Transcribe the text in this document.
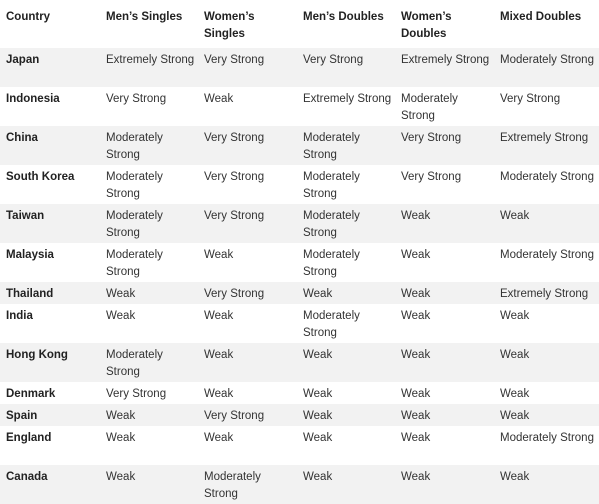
Country	Men’s Singles	Women’s Singles	Men’s Doubles	Women’s Doubles	Mixed Doubles
Japan	Extremely Strong	Very Strong	Very Strong	Extremely Strong	Moderately Strong
Indonesia	Very Strong	Weak	Extremely Strong	Moderately Strong	Very Strong
China	Moderately Strong	Very Strong	Moderately Strong	Very Strong	Extremely Strong
South Korea	Moderately Strong	Very Strong	Moderately Strong	Very Strong	Moderately Strong
Taiwan	Moderately Strong	Very Strong	Moderately Strong	Weak	Weak
Malaysia	Moderately Strong	Weak	Moderately Strong	Weak	Moderately Strong
Thailand	Weak	Very Strong	Weak	Weak	Extremely Strong
India	Weak	Weak	Moderately Strong	Weak	Weak
Hong Kong	Moderately Strong	Weak	Weak	Weak	Weak
Denmark	Very Strong	Weak	Weak	Weak	Weak
Spain	Weak	Very Strong	Weak	Weak	Weak
England	Weak	Weak	Weak	Weak	Moderately Strong
Canada	Weak	Moderately Strong	Weak	Weak	Weak
